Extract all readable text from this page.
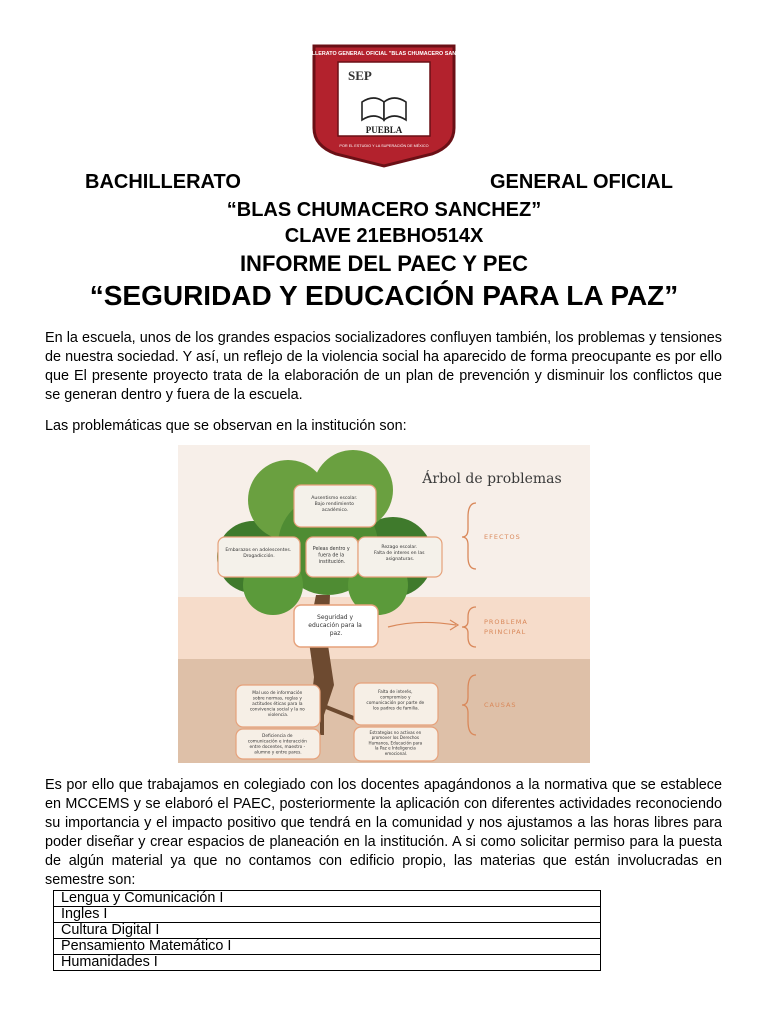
BACHILLERATO GENERAL OFICIAL "BLAS CHUMACERO SANCHEZ"
SEP
PUEBLA
POR EL ESTUDIO Y LA SUPERACIÓN DE MÉXICO
BACHILLERATO	GENERAL OFICIAL
“BLAS CHUMACERO SANCHEZ”
CLAVE 21EBHO514X
INFORME DEL PAEC Y PEC
“SEGURIDAD Y EDUCACIÓN PARA LA PAZ”

En la escuela, unos de los grandes espacios socializadores confluyen también, los problemas y tensiones de nuestra sociedad. Y así, un reflejo de la violencia social ha aparecido de forma preocupante es por ello que El presente proyecto trata de la elaboración de un plan de prevención y disminuir los conflictos que se generan dentro y fuera de la escuela.

Las problemáticas que se observan en la institución son:

Árbol de problemas
Ausentismo escolar. Bajo rendimiento académico.
Embarazos en adolescentes. Drogadicción.
Peleas dentro y fuera de la institución.
Rezago escolar. Falta de interes en las asignaturas.
Seguridad y educación para la paz.
Mal uso de información sobre normas, reglas y actitudes éticas para la convivencia social y la no violencia.
Falta de interés, compromiso y comunicación por parte de los padres de familia.
Deficiencia de comunicación e interacción entre docentes, maestro - alumno y entre pares.
Estrategias no activas en promover los Derechos Humanos, Educación para la Paz e Inteligencia emocional.
EFECTOS
PROBLEMA
PRINCIPAL
CAUSAS

Es por ello que trabajamos en colegiado con los docentes apagándonos a la normativa que se establece en MCCEMS y se elaboró el PAEC, posteriormente la aplicación con diferentes actividades reconociendo su importancia y el impacto positivo que tendrá en la comunidad y nos ajustamos a las horas libres para poder diseñar y crear espacios de planeación en la institución. A si como solicitar permiso para la puesta de algún material ya que no contamos con edificio propio, las materias que están involucradas en semestre son:

Lengua y Comunicación I
Ingles I
Cultura Digital I
Pensamiento Matemático I
Humanidades I
